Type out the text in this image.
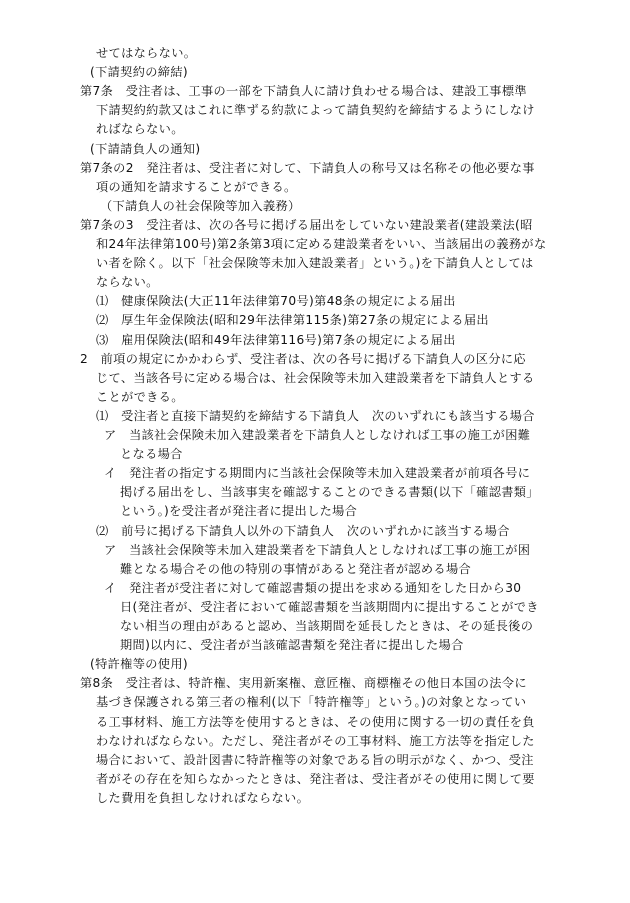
せてはならない。
(下請契約の締結)
第7条　受注者は、工事の一部を下請負人に請け負わせる場合は、建設工事標準
下請契約約款又はこれに準ずる約款によって請負契約を締結するようにしなけ
ればならない。
(下請請負人の通知)
第7条の2　発注者は、受注者に対して、下請負人の称号又は名称その他必要な事
項の通知を請求することができる。
（下請負人の社会保険等加入義務）
第7条の3　受注者は、次の各号に掲げる届出をしていない建設業者(建設業法(昭
和24年法律第100号)第2条第3項に定める建設業者をいい、当該届出の義務がな
い者を除く。以下「社会保険等未加入建設業者」という。)を下請負人としては
ならない。
⑴　健康保険法(大正11年法律第70号)第48条の規定による届出
⑵　厚生年金保険法(昭和29年法律第115条)第27条の規定による届出
⑶　雇用保険法(昭和49年法律第116号)第7条の規定による届出
2　前項の規定にかかわらず、受注者は、次の各号に掲げる下請負人の区分に応
じて、当該各号に定める場合は、社会保険等未加入建設業者を下請負人とする
ことができる。
⑴　受注者と直接下請契約を締結する下請負人　次のいずれにも該当する場合
ア　当該社会保険未加入建設業者を下請負人としなければ工事の施工が困難
となる場合
イ　発注者の指定する期間内に当該社会保険等未加入建設業者が前項各号に
掲げる届出をし、当該事実を確認することのできる書類(以下「確認書類」
という。)を受注者が発注者に提出した場合
⑵　前号に掲げる下請負人以外の下請負人　次のいずれかに該当する場合
ア　当該社会保険等未加入建設業者を下請負人としなければ工事の施工が困
難となる場合その他の特別の事情があると発注者が認める場合
イ　発注者が受注者に対して確認書類の提出を求める通知をした日から30
日(発注者が、受注者において確認書類を当該期間内に提出することができ
ない相当の理由があると認め、当該期間を延長したときは、その延長後の
期間)以内に、受注者が当該確認書類を発注者に提出した場合
(特許権等の使用)
第8条　受注者は、特許権、実用新案権、意匠権、商標権その他日本国の法令に
基づき保護される第三者の権利(以下「特許権等」という。)の対象となってい
る工事材料、施工方法等を使用するときは、その使用に関する一切の責任を負
わなければならない。ただし、発注者がその工事材料、施工方法等を指定した
場合において、設計図書に特許権等の対象である旨の明示がなく、かつ、受注
者がその存在を知らなかったときは、発注者は、受注者がその使用に関して要
した費用を負担しなければならない。
